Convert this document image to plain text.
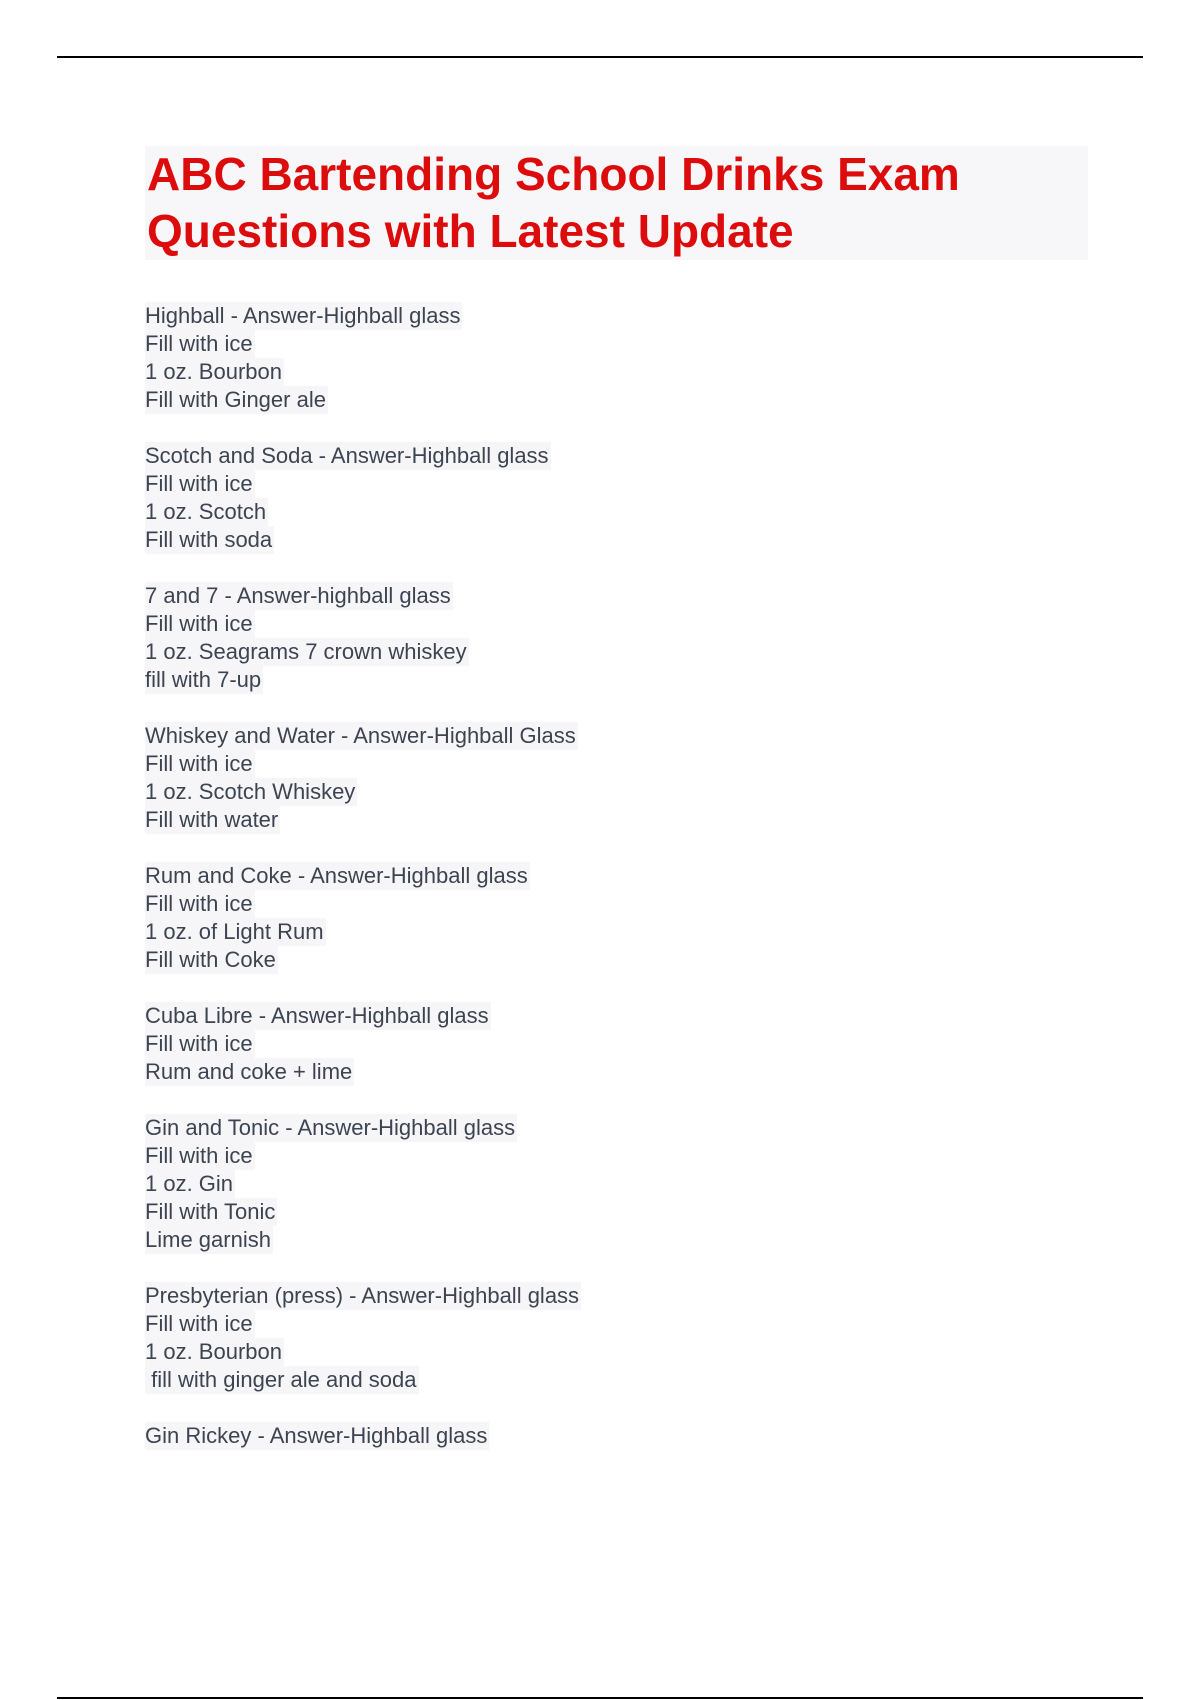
ABC Bartending School Drinks Exam Questions with Latest Update
Highball - Answer-Highball glass
Fill with ice
1 oz. Bourbon
Fill with Ginger ale
Scotch and Soda - Answer-Highball glass
Fill with ice
1 oz. Scotch
Fill with soda
7 and 7 - Answer-highball glass
Fill with ice
1 oz. Seagrams 7 crown whiskey
fill with 7-up
Whiskey and Water - Answer-Highball Glass
Fill with ice
1 oz. Scotch Whiskey
Fill with water
Rum and Coke - Answer-Highball glass
Fill with ice
1 oz. of Light Rum
Fill with Coke
Cuba Libre - Answer-Highball glass
Fill with ice
Rum and coke + lime
Gin and Tonic - Answer-Highball glass
Fill with ice
1 oz. Gin
Fill with Tonic
Lime garnish
Presbyterian (press) - Answer-Highball glass
Fill with ice
1 oz. Bourbon
fill with ginger ale and soda
Gin Rickey - Answer-Highball glass
